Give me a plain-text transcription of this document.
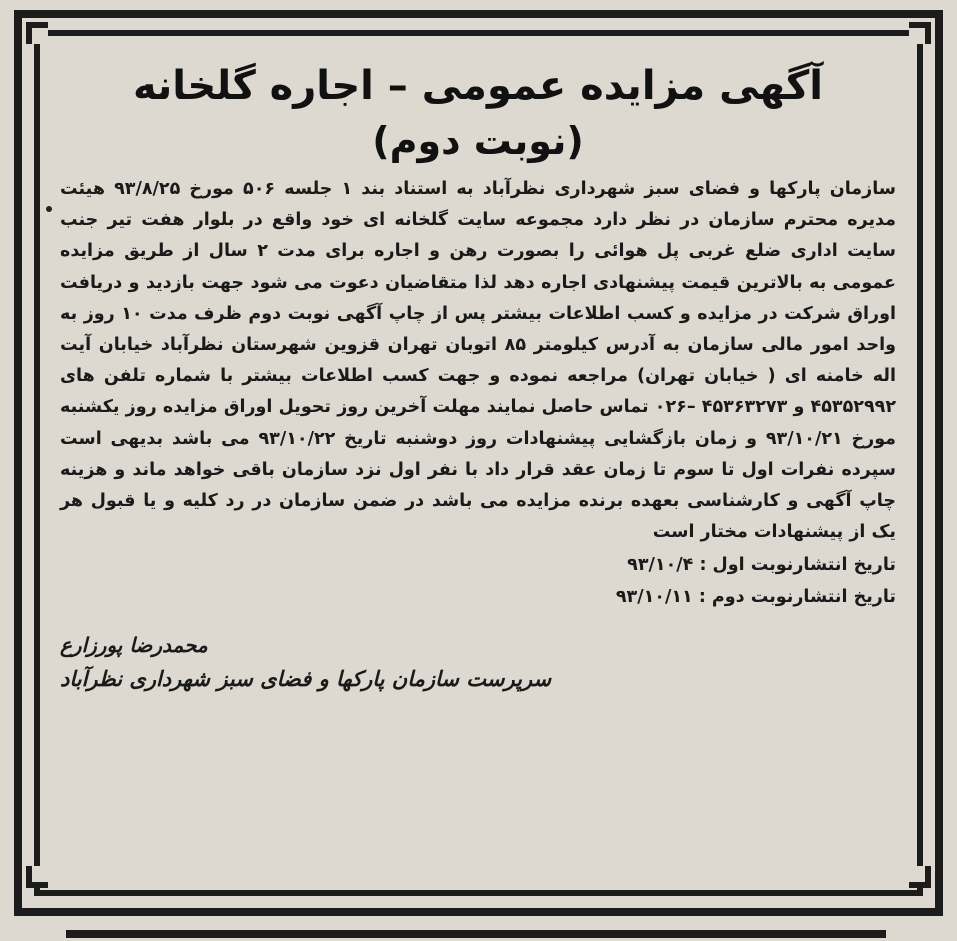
آگهی مزایده عمومی – اجاره گلخانه
(نوبت دوم)

سازمان پارکها و فضای سبز شهرداری نظرآباد به استناد بند ۱ جلسه ۵۰۶ مورخ ۹۳/۸/۲۵ هیئت مدیره محترم سازمان در نظر دارد مجموعه سایت گلخانه ای خود واقع در بلوار هفت تیر جنب سایت اداری ضلع غربی پل هوائی را بصورت رهن و اجاره برای مدت ۲ سال از طریق مزایده عمومی به بالاترین قیمت پیشنهادی اجاره دهد لذا متقاضیان دعوت می شود جهت بازدید و دریافت اوراق شرکت در مزایده و کسب اطلاعات بیشتر پس از چاپ آگهی نوبت دوم ظرف مدت ۱۰ روز به واحد امور مالی سازمان به آدرس کیلومتر ۸۵ اتوبان تهران قزوین شهرستان نظرآباد خیابان آیت اله خامنه ای ( خیابان تهران) مراجعه نموده و جهت کسب اطلاعات بیشتر با شماره تلفن های ۴۵۳۵۲۹۹۲ و ۴۵۳۶۳۲۷۳ –۰۲۶ تماس حاصل نمایند مهلت آخرین روز تحویل اوراق مزایده روز یکشنبه مورخ ۹۳/۱۰/۲۱ و زمان بازگشایی پیشنهادات روز دوشنبه تاریخ ۹۳/۱۰/۲۲ می باشد بدیهی است سپرده نفرات اول تا سوم تا زمان عقد قرار داد با نفر اول نزد سازمان باقی خواهد ماند و هزینه چاپ آگهی و کارشناسی بعهده برنده مزایده می باشد در ضمن سازمان در رد کلیه و یا قبول هر یک از پیشنهادات مختار است

تاریخ انتشارنوبت اول : ۹۳/۱۰/۴
تاریخ انتشارنوبت دوم : ۹۳/۱۰/۱۱
محمدرضا پورزارع
سرپرست سازمان پارکها و فضای سبز شهرداری نظرآباد
